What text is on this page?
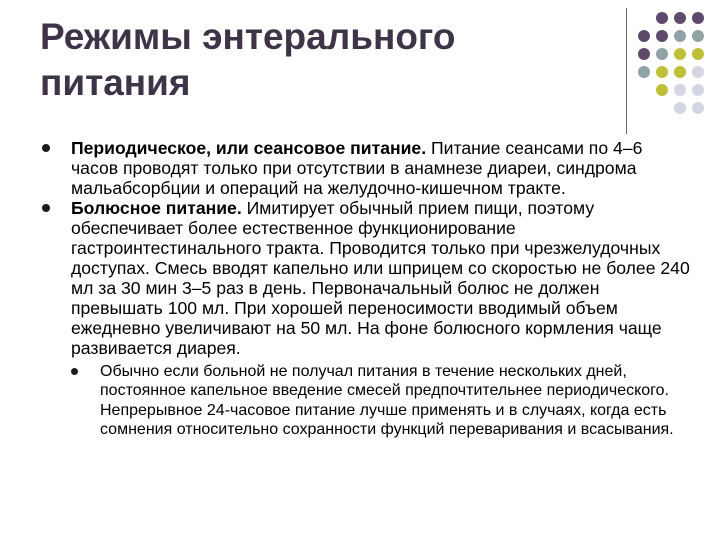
Режимы энтерального
питания

Периодическое, или сеансовое питание. Питание сеансами по 4–6 часов проводят только при отсутствии в анамнезе диареи, синдрома мальабсорбции и операций на желудочно-кишечном тракте.

Болюсное питание. Имитирует обычный прием пищи, поэтому обеспечивает более естественное функционирование гастроинтестинального тракта. Проводится только при чрезжелудочных доступах. Смесь вводят капельно или шприцем со скоростью не более 240 мл за 30 мин 3–5 раз в день. Первоначальный болюс не должен превышать 100 мл. При хорошей переносимости вводимый объем ежедневно увеличивают на 50 мл. На фоне болюсного кормления чаще развивается диарея.

Обычно если больной не получал питания в течение нескольких дней, постоянное капельное введение смесей предпочтительнее периодического. Непрерывное 24-часовое питание лучше применять и в случаях, когда есть сомнения относительно сохранности функций переваривания и всасывания.
